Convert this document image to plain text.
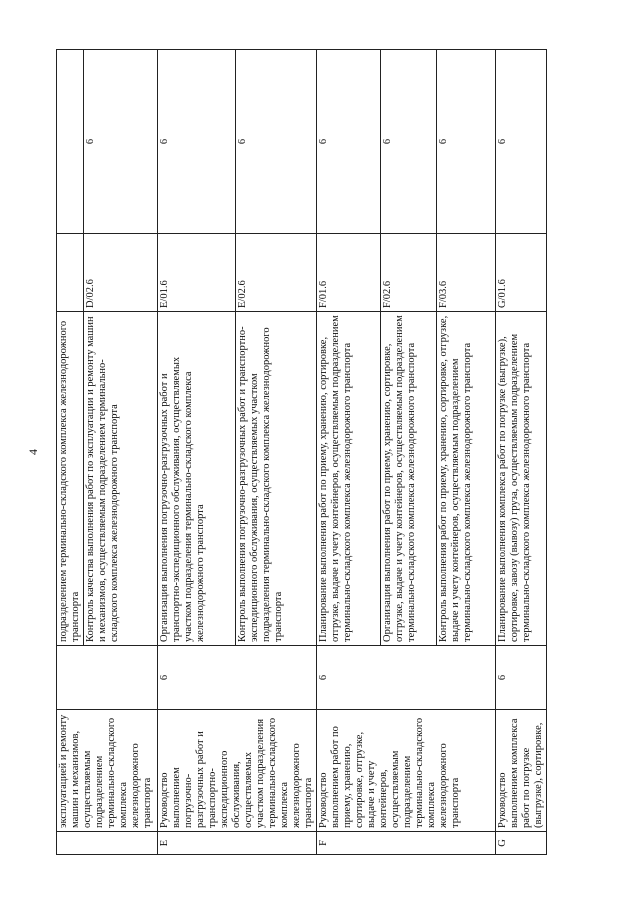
4
	эксплуатацией и ремонту машин и механизмов, осуществляемым подразделением терминально-складского комплекса железнодорожного транспорта		подразделением терминально-складского комплекса железнодорожного транспорта		
			Контроль качества выполнения работ по эксплуатации и ремонту машин и механизмов, осуществляемым подразделением терминально-складского комплекса железнодорожного транспорта	D/02.6	6
E	Руководство выполнением погрузочно-разгрузочных работ и транспортно-экспедиционного обслуживания, осуществляемых участком подразделения терминально-складского комплекса железнодорожного транспорта	6	Организация выполнения погрузочно-разгрузочных работ и транспортно-экспедиционного обслуживания, осуществляемых участком подразделения терминально-складского комплекса железнодорожного транспорта	E/01.6	6
			Контроль выполнения погрузочно-разгрузочных работ и транспортно-экспедиционного обслуживания, осуществляемых участком подразделения терминально-складского комплекса железнодорожного транспорта	E/02.6	6
F	Руководство выполнением работ по приему, хранению, сортировке, отгрузке, выдаче и учету контейнеров, осуществляемым подразделением терминально-складского комплекса железнодорожного транспорта	6	Планирование выполнения работ по приему, хранению, сортировке, отгрузке, выдаче и учету контейнеров, осуществляемым подразделением терминально-складского комплекса железнодорожного транспорта	F/01.6	6
			Организация выполнения работ по приему, хранению, сортировке, отгрузке, выдаче и учету контейнеров, осуществляемым подразделением терминально-складского комплекса железнодорожного транспорта	F/02.6	6
			Контроль выполнения работ по приему, хранению, сортировке, отгрузке, выдаче и учету контейнеров, осуществляемым подразделением терминально-складского комплекса железнодорожного транспорта	F/03.6	6
G	Руководство выполнением комплекса работ по погрузке (выгрузке), сортировке,	6	Планирование выполнения комплекса работ по погрузке (выгрузке), сортировке, завозу (вывозу) груза, осуществляемым подразделением терминально-складского комплекса железнодорожного транспорта	G/01.6	6
